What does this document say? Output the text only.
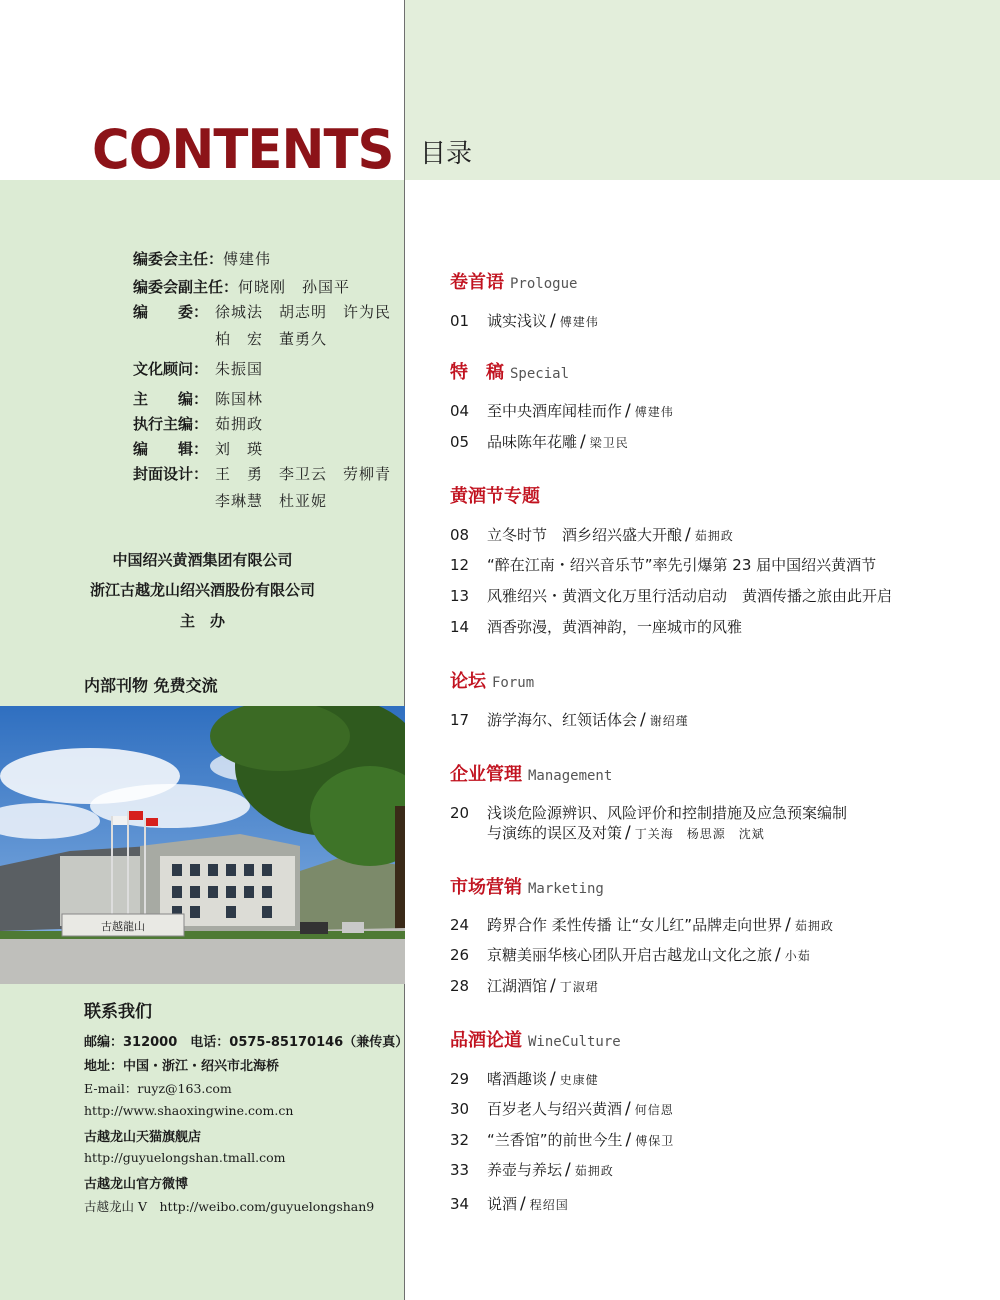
CONTENTS 目录
编委会主任：傅建伟
编委会副主任：何晓刚　孙国平
编　　委： 徐城法　胡志明　许为民
柏　宏　董勇久
文化顾问： 朱振国
主　　编： 陈国林
执行主编： 茹拥政
编　　辑： 刘　瑛
封面设计： 王　勇　李卫云　劳柳青
李琳慧　杜亚妮
中国绍兴黄酒集团有限公司
浙江古越龙山绍兴酒股份有限公司
主　办
内部刊物 免费交流
古越龍山
联系我们
邮编：312000　电话：0575-85170146（兼传真）
地址：中国・浙江・绍兴市北海桥
E-mail：ruyz@163.com
http://www.shaoxingwine.com.cn
古越龙山天猫旗舰店
http://guyuelongshan.tmall.com
古越龙山官方微博
古越龙山 V　http://weibo.com/guyuelongshan9
卷首语 Prologue
01 诚实浅议 / 傅建伟
特　稿 Special
04 至中央酒库闻桂而作 / 傅建伟
05 品味陈年花雕 / 梁卫民
黄酒节专题
08 立冬时节　酒乡绍兴盛大开酿 / 茹拥政
12 “醉在江南・绍兴音乐节”率先引爆第 23 届中国绍兴黄酒节
13 风雅绍兴・黄酒文化万里行活动启动　黄酒传播之旅由此开启
14 酒香弥漫，黄酒神韵，一座城市的风雅
论坛 Forum
17 游学海尔、红领话体会 / 谢绍瑾
企业管理 Management
20 浅谈危险源辨识、风险评价和控制措施及应急预案编制
与演练的误区及对策 / 丁关海　杨思源　沈斌
市场营销 Marketing
24 跨界合作 柔性传播 让“女儿红”品牌走向世界 / 茹拥政
26 京糖美丽华核心团队开启古越龙山文化之旅 / 小茹
28 江湖酒馆 / 丁淑珺
品酒论道 WineCulture
29 嗜酒趣谈 / 史康健
30 百岁老人与绍兴黄酒 / 何信恩
32 “兰香馆”的前世今生 / 傅保卫
33 养壶与养坛 / 茹拥政
34 说酒 / 程绍国
